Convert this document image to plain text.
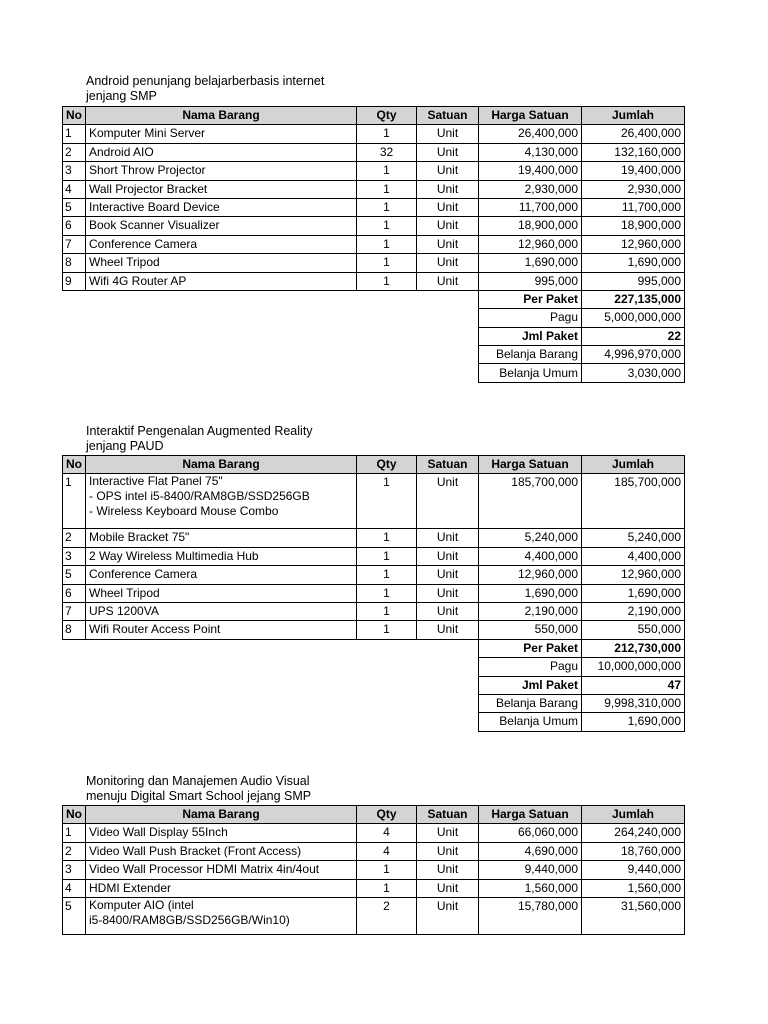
Android penunjang belajarberbasis internet
jenjang SMP
No	Nama Barang	Qty	Satuan	Harga Satuan	Jumlah
1	Komputer Mini Server	1	Unit	26,400,000	26,400,000
2	Android AIO	32	Unit	4,130,000	132,160,000
3	Short Throw Projector	1	Unit	19,400,000	19,400,000
4	Wall Projector Bracket	1	Unit	2,930,000	2,930,000
5	Interactive Board Device	1	Unit	11,700,000	11,700,000
6	Book Scanner Visualizer	1	Unit	18,900,000	18,900,000
7	Conference Camera	1	Unit	12,960,000	12,960,000
8	Wheel Tripod	1	Unit	1,690,000	1,690,000
9	Wifi 4G Router AP	1	Unit	995,000	995,000
Per Paket	227,135,000
Pagu	5,000,000,000
Jml Paket	22
Belanja Barang	4,996,970,000
Belanja Umum	3,030,000
Interaktif Pengenalan Augmented Reality
jenjang PAUD
No	Nama Barang	Qty	Satuan	Harga Satuan	Jumlah
1	Interactive Flat Panel 75"
- OPS intel i5-8400/RAM8GB/SSD256GB
- Wireless Keyboard Mouse Combo	1	Unit	185,700,000	185,700,000
2	Mobile Bracket 75"	1	Unit	5,240,000	5,240,000
3	2 Way Wireless Multimedia Hub	1	Unit	4,400,000	4,400,000
5	Conference Camera	1	Unit	12,960,000	12,960,000
6	Wheel Tripod	1	Unit	1,690,000	1,690,000
7	UPS 1200VA	1	Unit	2,190,000	2,190,000
8	Wifi Router Access Point	1	Unit	550,000	550,000
Per Paket	212,730,000
Pagu	10,000,000,000
Jml Paket	47
Belanja Barang	9,998,310,000
Belanja Umum	1,690,000
Monitoring dan Manajemen Audio Visual
menuju Digital Smart School jejang SMP
No	Nama Barang	Qty	Satuan	Harga Satuan	Jumlah
1	Video Wall Display 55Inch	4	Unit	66,060,000	264,240,000
2	Video Wall Push Bracket (Front Access)	4	Unit	4,690,000	18,760,000
3	Video Wall Processor HDMI Matrix 4in/4out	1	Unit	9,440,000	9,440,000
4	HDMI Extender	1	Unit	1,560,000	1,560,000
5	Komputer AIO (intel
i5-8400/RAM8GB/SSD256GB/Win10)	2	Unit	15,780,000	31,560,000
